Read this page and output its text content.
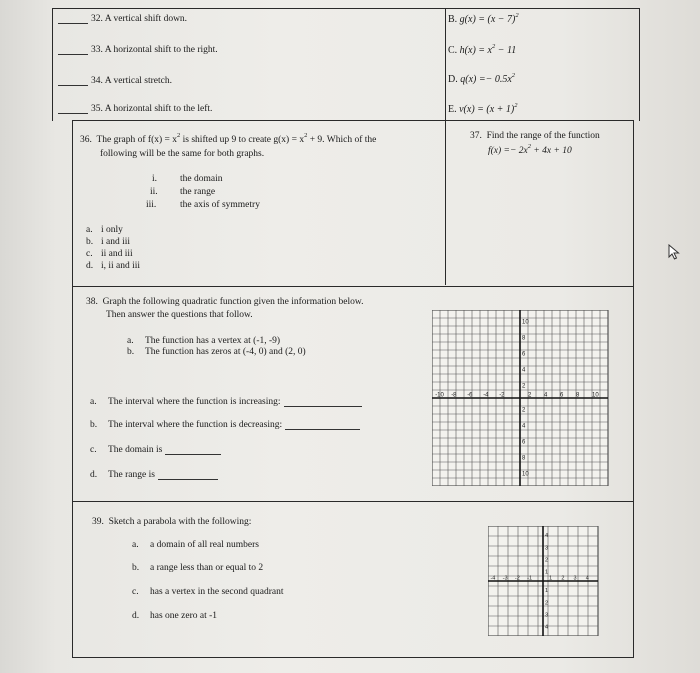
32. A vertical shift down.
33. A horizontal shift to the right.
34. A vertical stretch.
35. A horizontal shift to the left.
B. $g(x) = (x - 7)^2$
C. $h(x) = x^2 - 11$
D. $q(x) =- 0.5x^2$
E. $v(x) = (x + 1)^2$
36. The graph of $f(x) = x^2$ is shifted up 9 to create $g(x) = x^2 + 9$. Which of the
following will be the same for both graphs.
i. the domain
ii. the range
iii. the axis of symmetry
a. i only
b. i and iii
c. ii and iii
d. i, ii and iii
37. Find the range of the function
$f(x) =- 2x^2 + 4x + 10$
38. Graph the following quadratic function given the information below.
Then answer the questions that follow.
a. The function has a vertex at (-1, -9)
b. The function has zeros at (-4, 0) and (2, 0)
a. The interval where the function is increasing:
b. The interval where the function is decreasing:
c. The domain is
d. The range is
10
8
6
4
2
2
4
6
8
10
-10 -8 -6 -4 -2	2 4 6 8 10
39. Sketch a parabola with the following:
a. a domain of all real numbers
b. a range less than or equal to 2
c. has a vertex in the second quadrant
d. has one zero at -1
4
3
2
1
1
2
3
4
-4 -3 -2 -1	1 2 3 4
